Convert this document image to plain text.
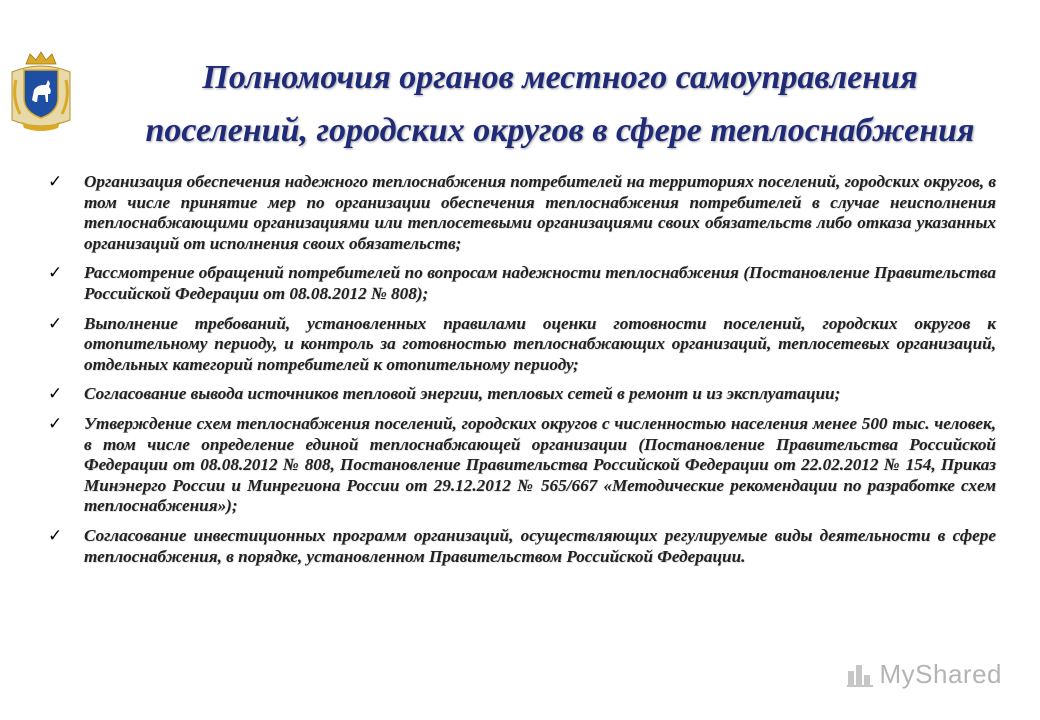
Полномочия органов местного самоуправления
поселений, городских округов в сфере теплоснабжения
✓ Организация обеспечения надежного теплоснабжения потребителей на территориях поселений, городских округов, в том числе принятие мер по организации обеспечения теплоснабжения потребителей в случае неисполнения теплоснабжающими организациями или теплосетевыми организациями своих обязательств либо отказа указанных организаций от исполнения своих обязательств;
✓ Рассмотрение обращений потребителей по вопросам надежности теплоснабжения (Постановление Правительства Российской Федерации от 08.08.2012 № 808);
✓ Выполнение требований, установленных правилами оценки готовности поселений, городских округов к отопительному периоду, и контроль за готовностью теплоснабжающих организаций, теплосетевых организаций, отдельных категорий потребителей к отопительному периоду;
✓ Согласование вывода источников тепловой энергии, тепловых сетей в ремонт и из эксплуатации;
✓ Утверждение схем теплоснабжения поселений, городских округов с численностью населения менее 500 тыс. человек, в том числе определение единой теплоснабжающей организации (Постановление Правительства Российской Федерации от 08.08.2012 № 808, Постановление Правительства Российской Федерации от 22.02.2012 № 154, Приказ Минэнерго России и Минрегиона России от 29.12.2012 № 565/667 «Методические рекомендации по разработке схем теплоснабжения»);
✓ Согласование инвестиционных программ организаций, осуществляющих регулируемые виды деятельности в сфере теплоснабжения, в порядке, установленном Правительством Российской Федерации.
MyShared
